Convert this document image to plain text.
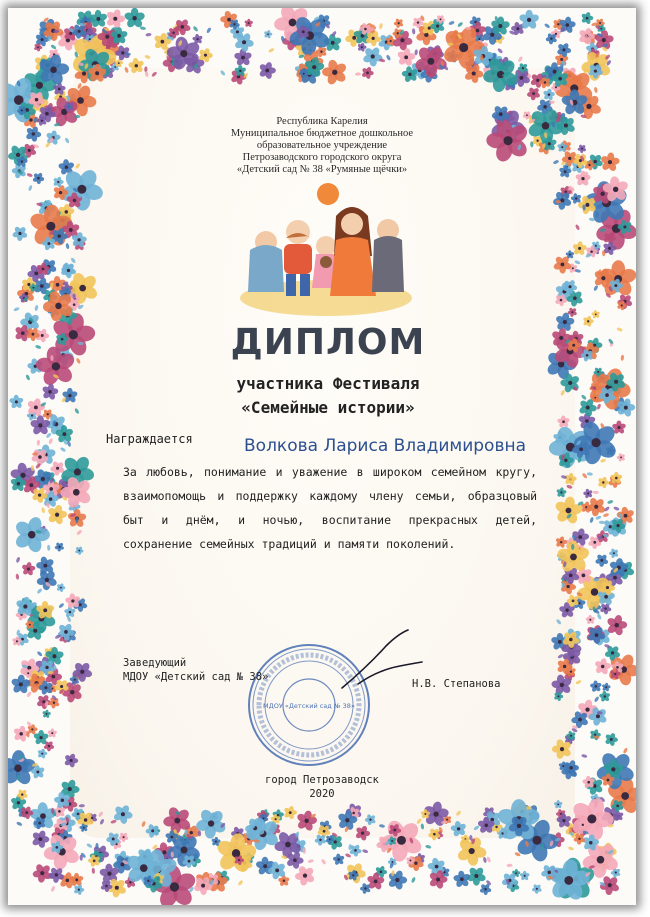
Республика Карелия

Муниципальное бюджетное дошкольное

образовательное учреждение

Петрозаводского городского округа

«Детский сад № 38 «Румяные щёчки»

ДИПЛОМ

участника Фестиваля

«Семейные истории»

Награждается	Волкова Лариса Владимировна

За любовь, понимание и уважение в широком семейном кругу, взаимопомощь и поддержку каждому члену семьи, образцовый быт и днём, и ночью, воспитание прекрасных детей, сохранение семейных традиций и памяти поколений.

МДОУ «Детский сад № 38»

Заведующий

МДОУ «Детский сад № 38»

Н.В. Степанова

город Петрозаводск

2020
